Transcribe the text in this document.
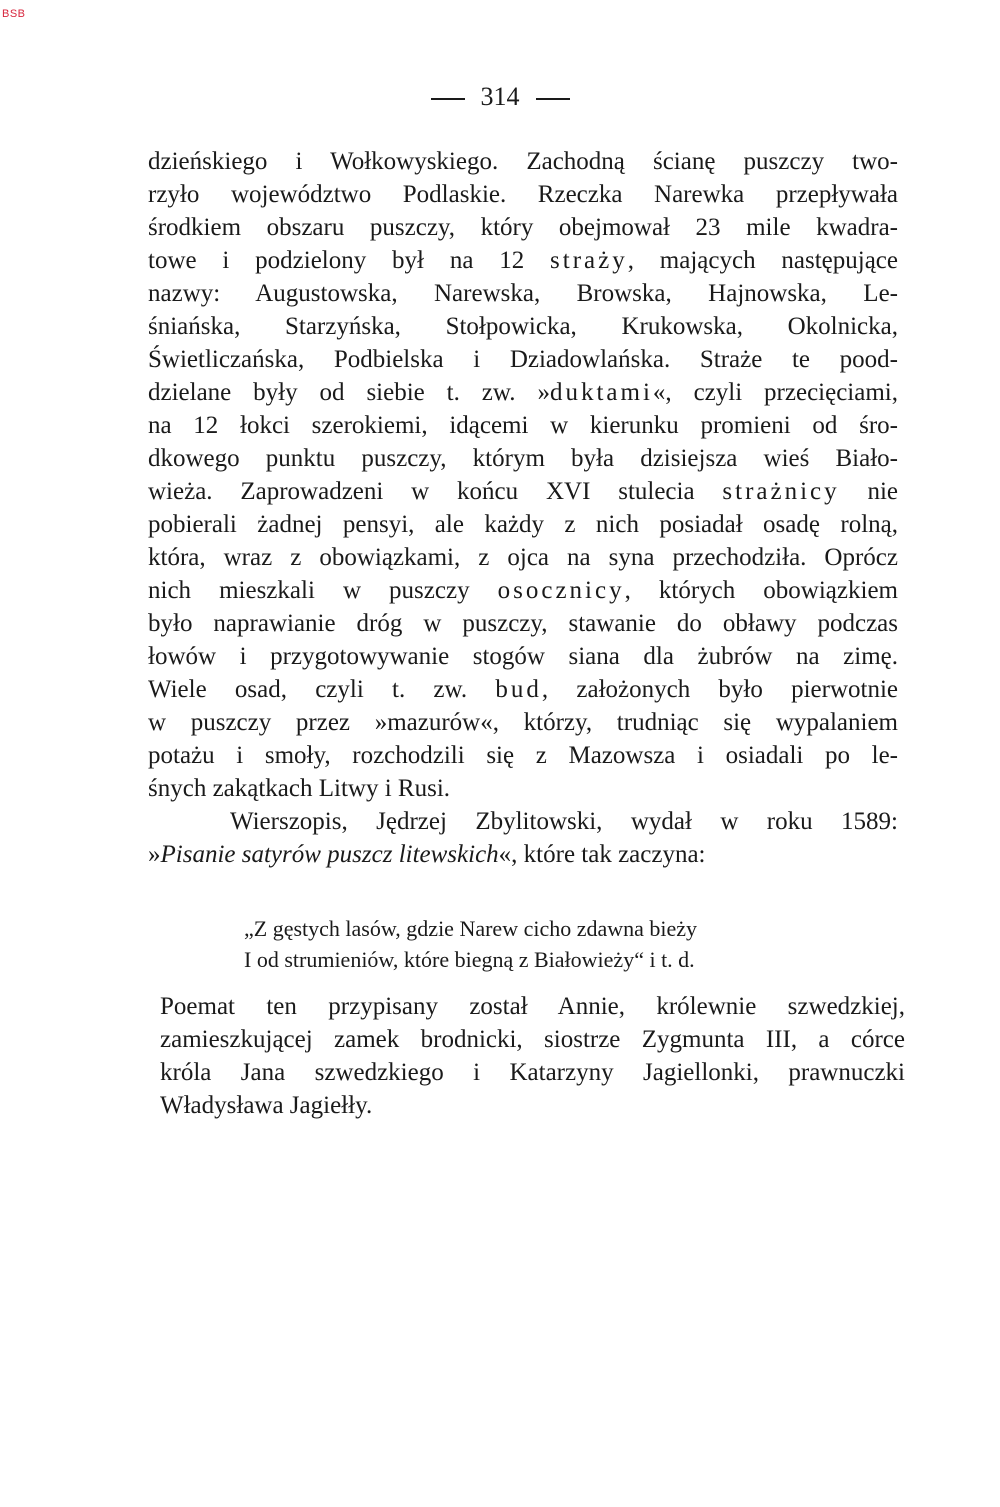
BSB
314
dzieńskiego i Wołkowyskiego. Zachodną ścianę puszczy two-
rzyło województwo Podlaskie. Rzeczka Narewka przepływała
środkiem obszaru puszczy, który obejmował 23 mile kwadra-
towe i podzielony był na 12 straży, mających następujące
nazwy: Augustowska, Narewska, Browska, Hajnowska, Le-
śniańska, Starzyńska, Stołpowicka, Krukowska, Okolnicka,
Świetliczańska, Podbielska i Dziadowlańska. Straże te pood-
dzielane były od siebie t. zw. »duktami«, czyli przecięciami,
na 12 łokci szerokiemi, idącemi w kierunku promieni od śro-
dkowego punktu puszczy, którym była dzisiejsza wieś Biało-
wieża. Zaprowadzeni w końcu XVI stulecia strażnicy nie
pobierali żadnej pensyi, ale każdy z nich posiadał osadę rolną,
która, wraz z obowiązkami, z ojca na syna przechodziła. Oprócz
nich mieszkali w puszczy osocznicy, których obowiązkiem
było naprawianie dróg w puszczy, stawanie do obławy podczas
łowów i przygotowywanie stogów siana dla żubrów na zimę.
Wiele osad, czyli t. zw. bud, założonych było pierwotnie
w puszczy przez »mazurów«, którzy, trudniąc się wypalaniem
potażu i smoły, rozchodzili się z Mazowsza i osiadali po le-
śnych zakątkach Litwy i Rusi.
Wierszopis, Jędrzej Zbylitowski, wydał w roku 1589:
»Pisanie satyrów puszcz litewskich«, które tak zaczyna:
„Z gęstych lasów, gdzie Narew cicho zdawna bieży
I od strumieniów, które biegną z Białowieży“ i t. d.
Poemat ten przypisany został Annie, królewnie szwedzkiej,
zamieszkującej zamek brodnicki, siostrze Zygmunta III, a córce
króla Jana szwedzkiego i Katarzyny Jagiellonki, prawnuczki
Władysława Jagiełły.
